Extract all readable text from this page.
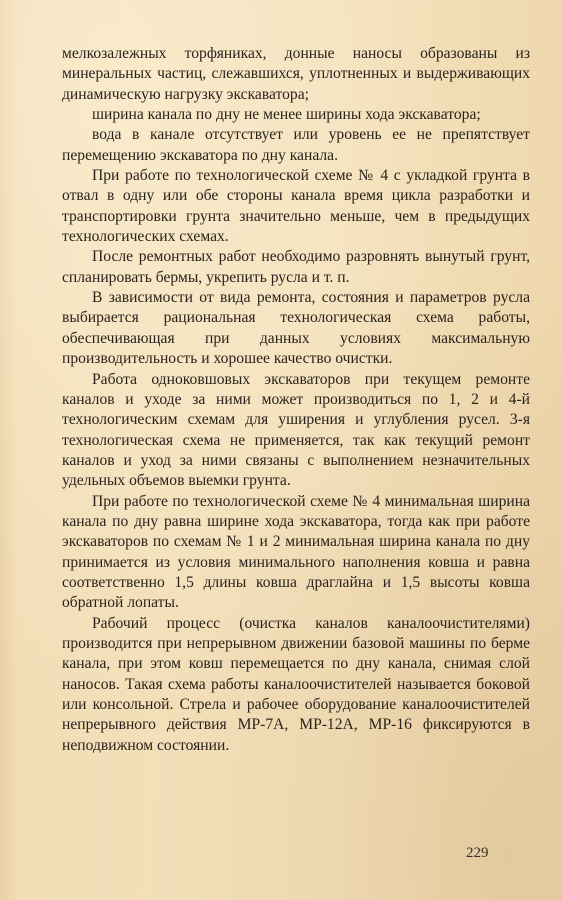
мелкозалежных торфяниках, донные наносы образованы из минеральных частиц, слежавшихся, уплотненных и выдерживающих динамическую нагрузку экскаватора;

ширина канала по дну не менее ширины хода экскаватора;

вода в канале отсутствует или уровень ее не препятствует перемещению экскаватора по дну канала.

При работе по технологической схеме № 4 с укладкой грунта в отвал в одну или обе стороны канала время цикла разработки и транспортировки грунта значительно меньше, чем в предыдущих технологических схемах.

После ремонтных работ необходимо разровнять вынутый грунт, спланировать бермы, укрепить русла и т. п.

В зависимости от вида ремонта, состояния и параметров русла выбирается рациональная технологическая схема работы, обеспечивающая при данных условиях максимальную производительность и хорошее качество очистки.

Работа одноковшовых экскаваторов при текущем ремонте каналов и уходе за ними может производиться по 1, 2 и 4-й технологическим схемам для уширения и углубления русел. 3-я технологическая схема не применяется, так как текущий ремонт каналов и уход за ними связаны с выполнением незначительных удельных объемов выемки грунта.

При работе по технологической схеме № 4 минимальная ширина канала по дну равна ширине хода экскаватора, тогда как при работе экскаваторов по схемам № 1 и 2 минимальная ширина канала по дну принимается из условия минимального наполнения ковша и равна соответственно 1,5 длины ковша драглайна и 1,5 высоты ковша обратной лопаты.

Рабочий процесс (очистка каналов каналоочистителями) производится при непрерывном движении базовой машины по берме канала, при этом ковш перемещается по дну канала, снимая слой наносов. Такая схема работы каналоочистителей называется боковой или консольной. Стрела и рабочее оборудование каналоочистителей непрерывного действия МР-7А, МР-12А, МР-16 фиксируются в неподвижном состоянии.

229
